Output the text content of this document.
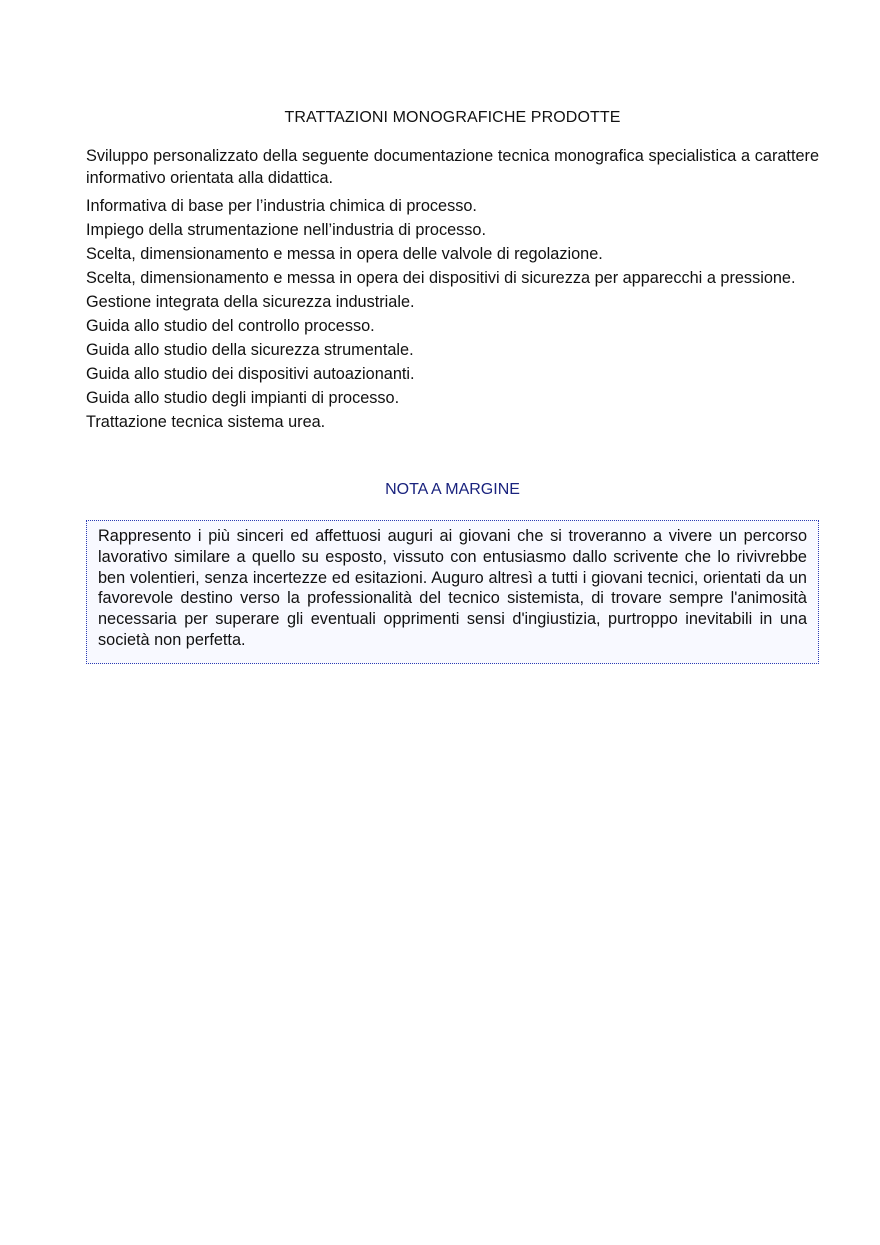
TRATTAZIONI MONOGRAFICHE PRODOTTE

Sviluppo personalizzato della seguente documentazione tecnica monografica specialistica a carattere informativo orientata alla didattica.

Informativa di base per l’industria chimica di processo.
Impiego della strumentazione nell’industria di processo.
Scelta, dimensionamento e messa in opera delle valvole di regolazione.
Scelta, dimensionamento e messa in opera dei dispositivi di sicurezza per apparecchi a pressione.
Gestione integrata della sicurezza industriale.
Guida allo studio del controllo processo.
Guida allo studio della sicurezza strumentale.
Guida allo studio dei dispositivi autoazionanti.
Guida allo studio degli impianti di processo.
Trattazione tecnica sistema urea.
NOTA A MARGINE

Rappresento i più sinceri ed affettuosi auguri ai giovani che si troveranno a vivere un percorso lavorativo similare a quello su esposto, vissuto con entusiasmo dallo scrivente che lo rivivrebbe ben volentieri, senza incertezze ed esitazioni. Auguro altresì a tutti i giovani tecnici, orientati da un favorevole destino verso la professionalità del tecnico sistemista, di trovare sempre l'animosità necessaria per superare gli eventuali opprimenti sensi d'ingiustizia, purtroppo inevitabili in una società non perfetta.
